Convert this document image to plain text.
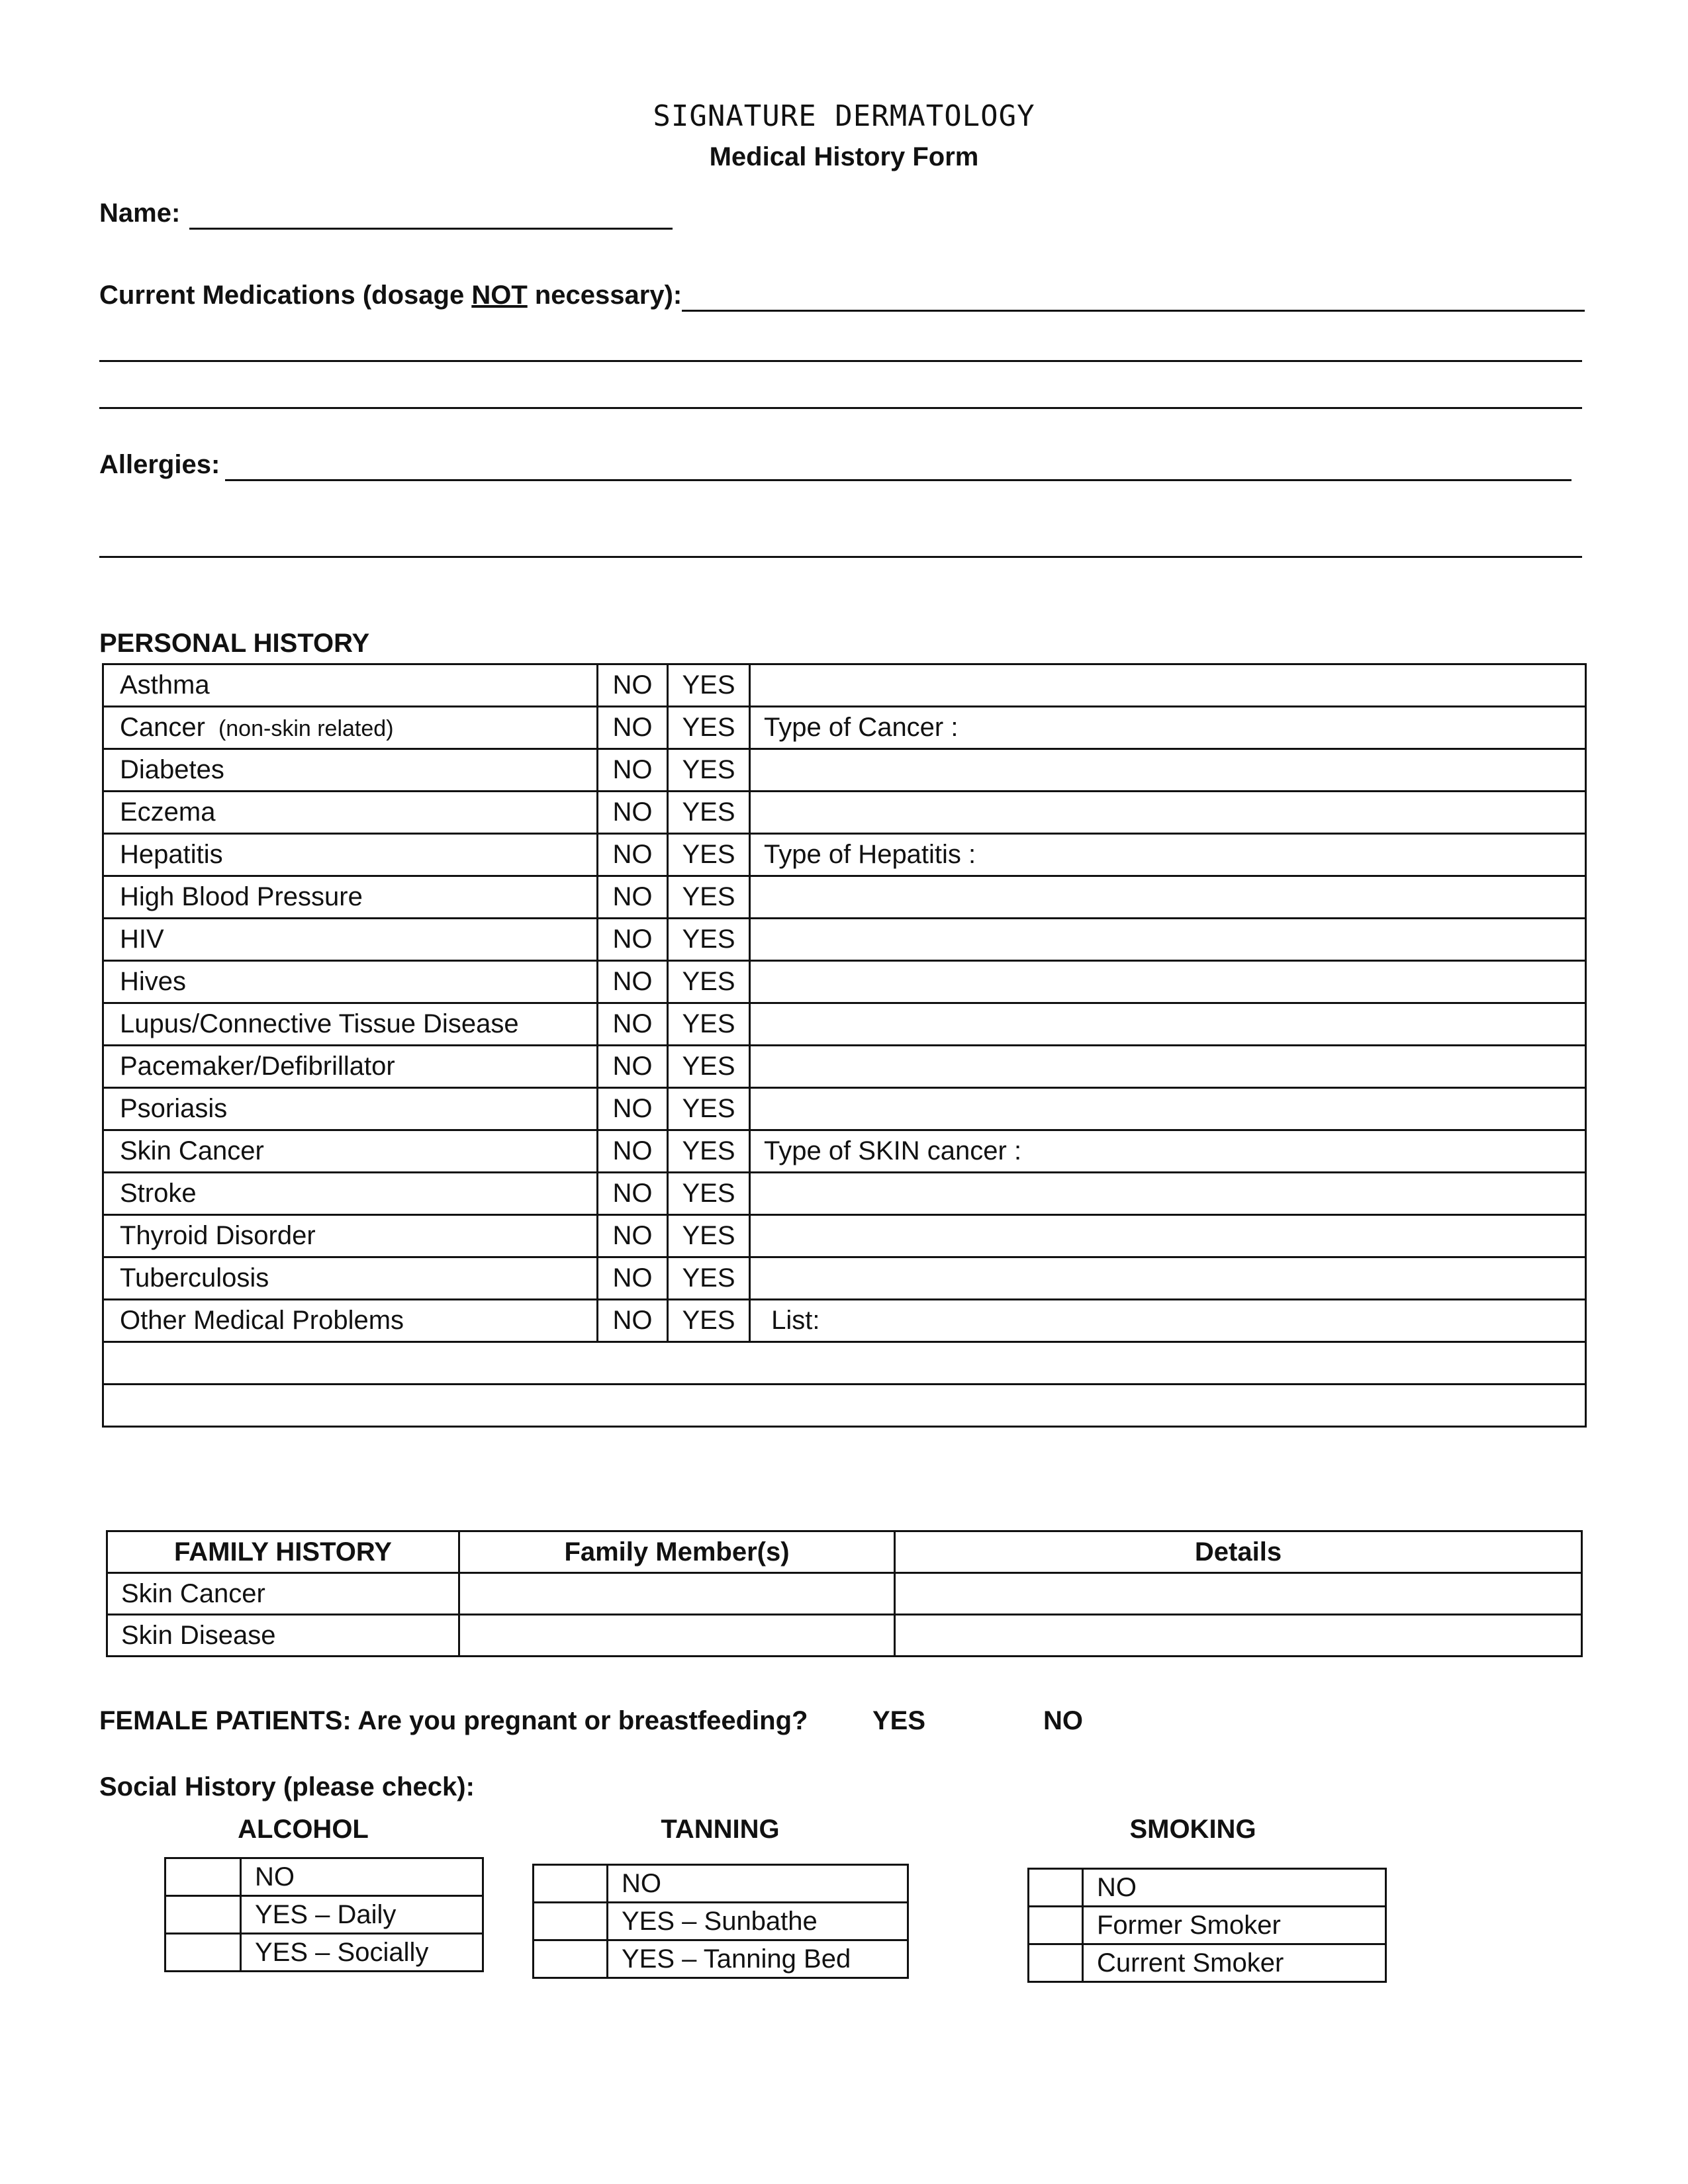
SIGNATURE DERMATOLOGY
Medical History Form
Name:
Current Medications (dosage NOT necessary):
Allergies:
PERSONAL HISTORY
Asthma	NO	YES	
Cancer (non-skin related)	NO	YES	Type of Cancer :
Diabetes	NO	YES	
Eczema	NO	YES	
Hepatitis	NO	YES	Type of Hepatitis :
High Blood Pressure	NO	YES	
HIV	NO	YES	
Hives	NO	YES	
Lupus/Connective Tissue Disease	NO	YES	
Pacemaker/Defibrillator	NO	YES	
Psoriasis	NO	YES	
Skin Cancer	NO	YES	Type of SKIN cancer :
Stroke	NO	YES	
Thyroid Disorder	NO	YES	
Tuberculosis	NO	YES	
Other Medical Problems	NO	YES	List:

FAMILY HISTORY	Family Member(s)	Details
Skin Cancer		
Skin Disease		
FEMALE PATIENTS: Are you pregnant or breastfeeding? YES	NO
Social History (please check):
ALCOHOL	TANNING	SMOKING
	NO
	YES – Daily
	YES – Socially
	NO
	YES – Sunbathe
	YES – Tanning Bed
	NO
	Former Smoker
	Current Smoker
